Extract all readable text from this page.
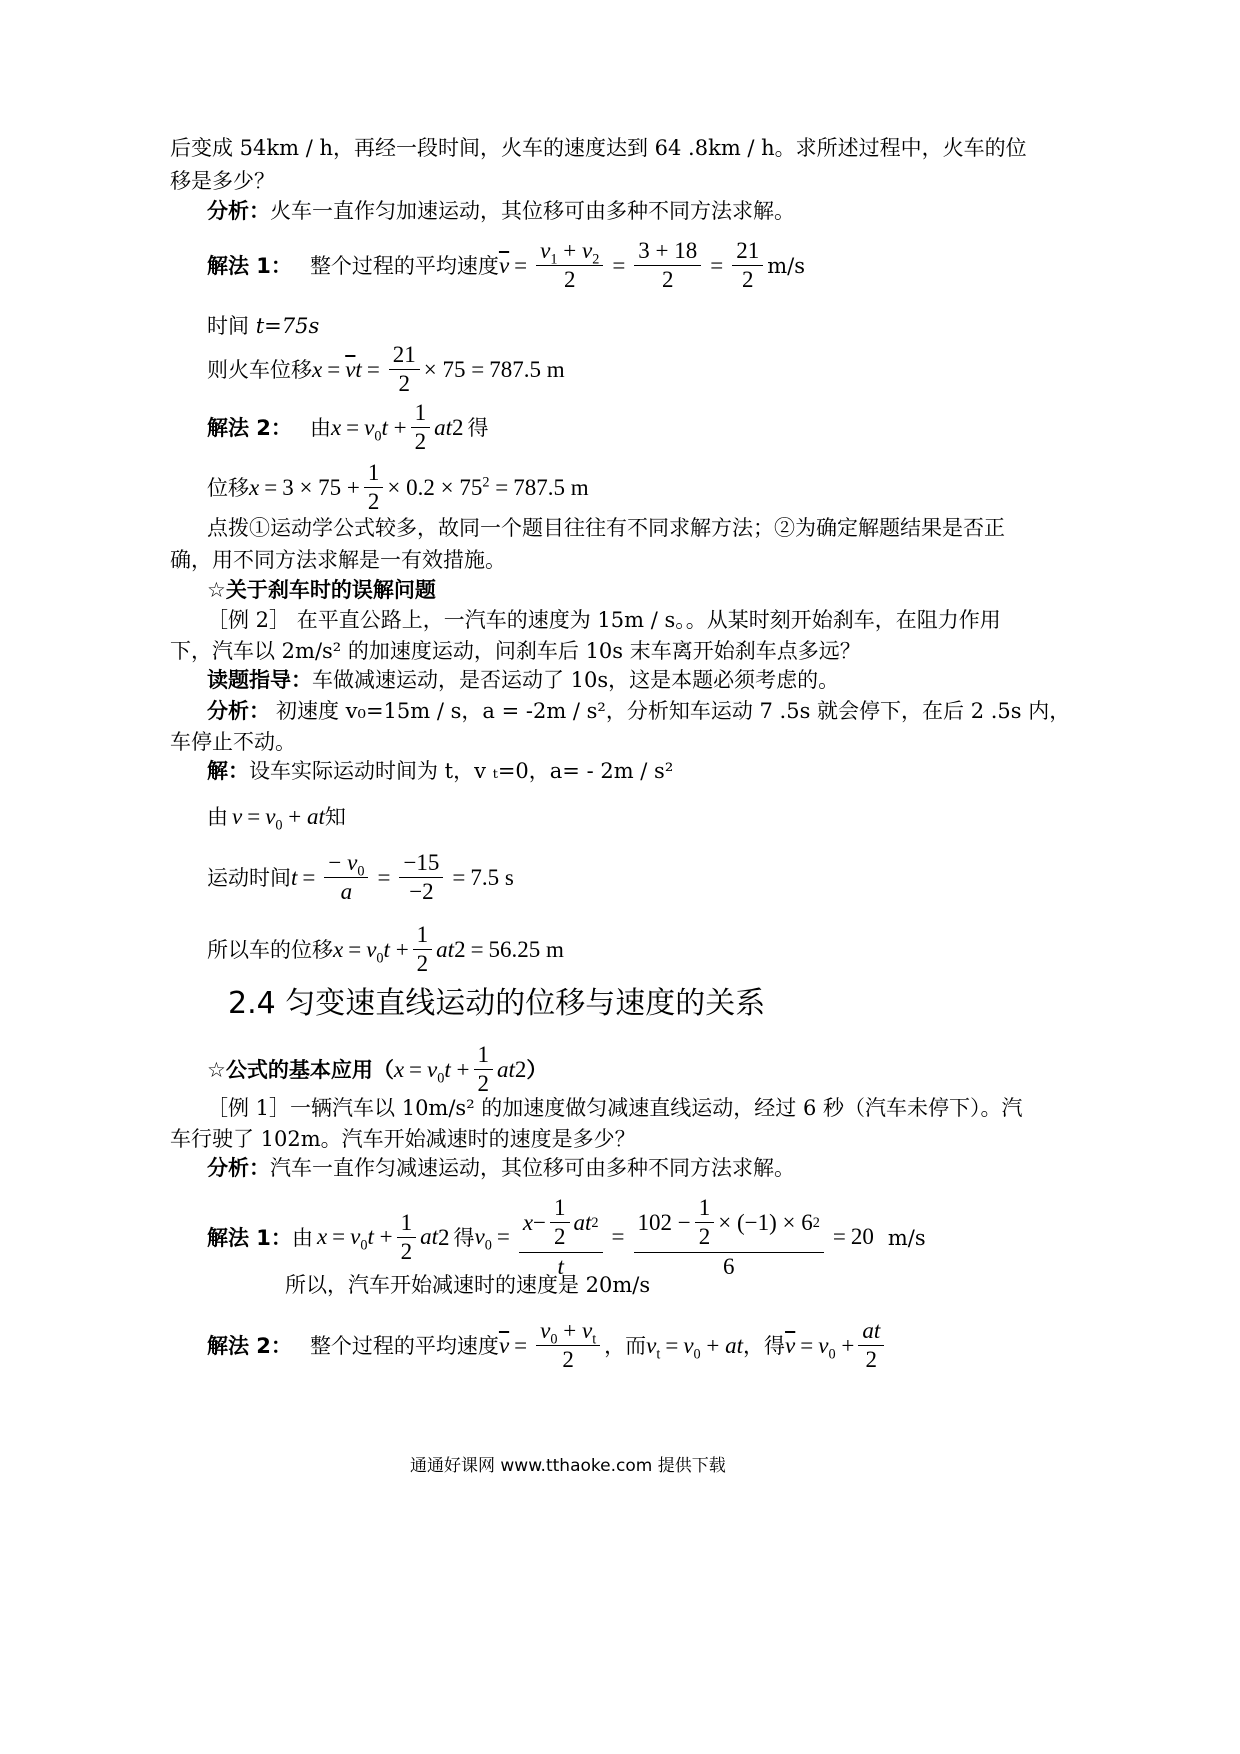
后变成 54km / h，再经一段时间，火车的速度达到 64 .8km / h。求所述过程中，火车的位
移是多少？
分析：火车一直作匀加速运动，其位移可由多种不同方法求解。
解法 1： 整个过程的平均速度 $\overline{v} = \frac{v_1 + v_2}{2} = \frac{3 + 18}{2} = \frac{21}{2} m/s$
时间 t=75s
则火车位移 $x = \overline{v}$ $t = \frac{21}{2} \times 75 = 787.5$ m
解法 2： 由 $x = v_0t + \frac{1}{2}$ at 2 得
位移 $x = 3 \times 75 + \frac{1}{2} \times 0.2 \times 75^2 = 787.5$ m
点拨①运动学公式较多，故同一个题目往往有不同求解方法；②为确定解题结果是否正
确，用不同方法求解是一有效措施。
☆关于刹车时的误解问题
［例 2］ 在平直公路上，一汽车的速度为 15m / s。。从某时刻开始刹车，在阻力作用
下，汽车以 2m/s² 的加速度运动，问刹车后 10s 末车离开始刹车点多远？
读题指导：车做减速运动，是否运动了 10s，这是本题必须考虑的。
分析： 初速度 v₀=15m / s，a = -2m / s²，分析知车运动 7 .5s 就会停下，在后 2 .5s 内，
车停止不动。
解：设车实际运动时间为 t，v ₜ=0，a= - 2m / s²
由 $v = v_0$ + at 知
运动时间 $t = \frac{- v_0}{a} = \frac{-15}{-2} = 7.5$ s
所以车的位移 $x = v_0t + \frac{1}{2}$ at 2 = 56.25 m
2.4 匀变速直线运动的位移与速度的关系
☆公式的基本应用（ $x = v_0t + \frac{1}{2}$ at 2 ）
［例 1］一辆汽车以 10m/s² 的加速度做匀减速直线运动，经过 6 秒（汽车未停下）。汽
车行驶了 102m。汽车开始减速时的速度是多少？
分析：汽车一直作匀减速运动，其位移可由多种不同方法求解。
解法 1： 由 $x = v_0t + \frac{1}{2}$ at 2 得 $v_0 = \frac{x - \frac{1}{2} at 2}{t} = \frac{102 - \frac{1}{2} \times (-1) \times 6 2}{6} = 20$ m/s
所以，汽车开始减速时的速度是 20m/s
解法 2： 整个过程的平均速度 $\overline{v} = \frac{v_0 + v_t}{2}$ ，而 $v_t = v_0$ + at ，得 $\overline{v} = v_0 + \frac{at}{2}$
通通好课网 www.tthaoke.com 提供下载
